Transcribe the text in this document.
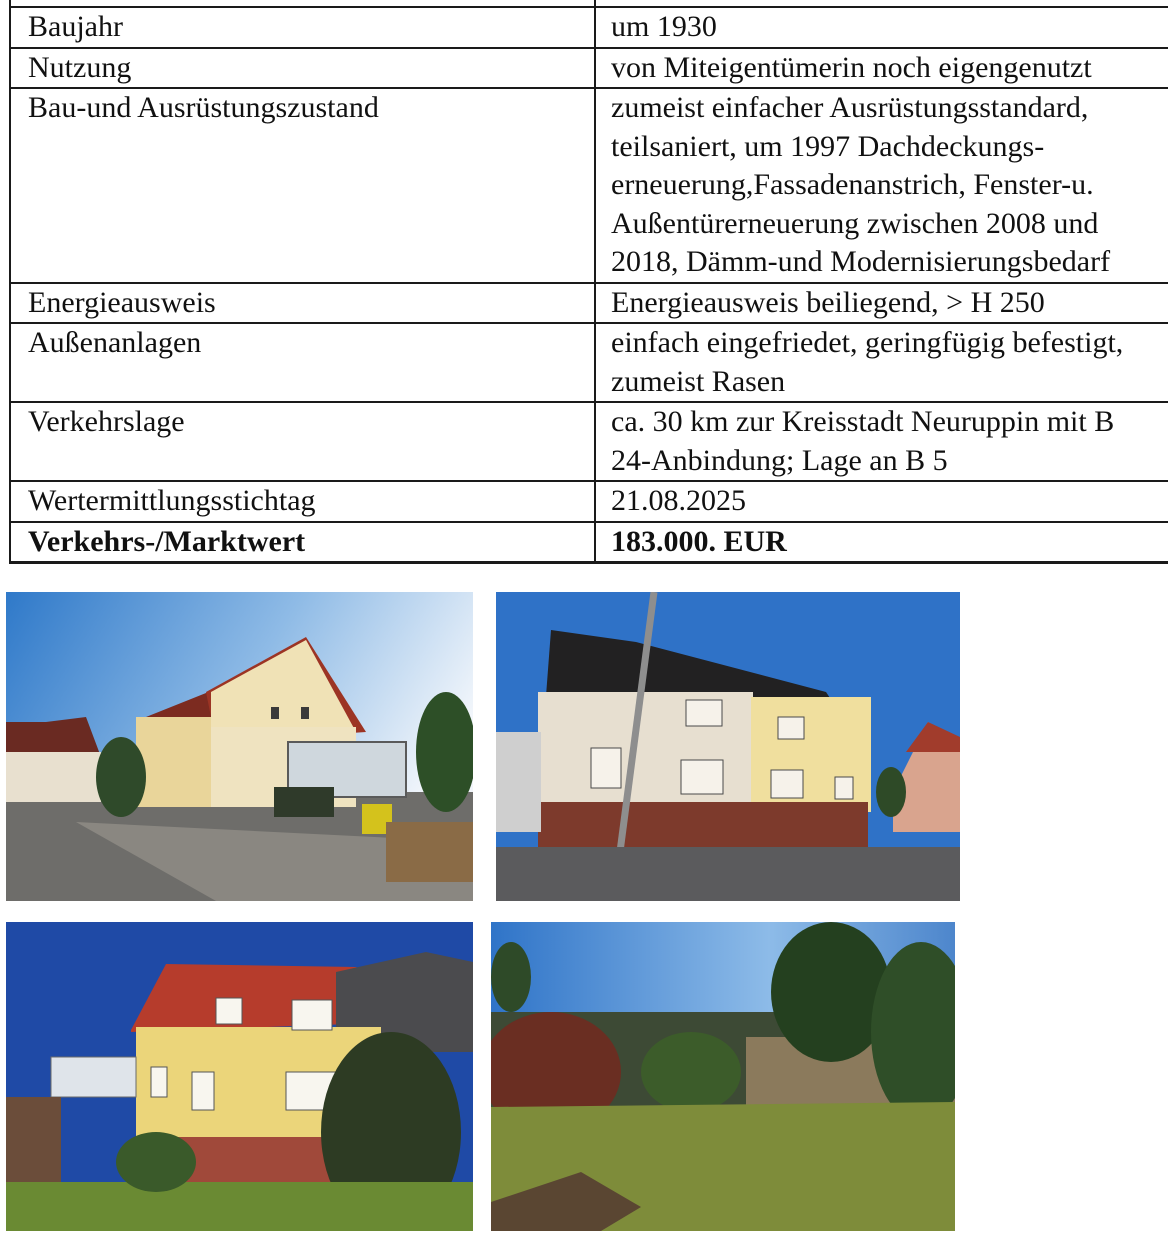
Baujahr	um 1930
Nutzung	von Miteigentümerin noch eigengenutzt
Bau-und Ausrüstungszustand	zumeist einfacher Ausrüstungsstandard,
teilsaniert, um 1997 Dachdeckungs-
erneuerung,Fassadenanstrich, Fenster-u.
Außentürerneuerung zwischen 2008 und
2018, Dämm-und Modernisierungsbedarf

Energieausweis	Energieausweis beiliegend, > H 250
Außenanlagen	einfach eingefriedet, geringfügig befestigt,
zumeist Rasen

Verkehrslage	ca. 30 km zur Kreisstadt Neuruppin mit B
24-Anbindung; Lage an B 5

Wertermittlungsstichtag	21.08.2025
Verkehrs-/Marktwert	183.000. EUR
